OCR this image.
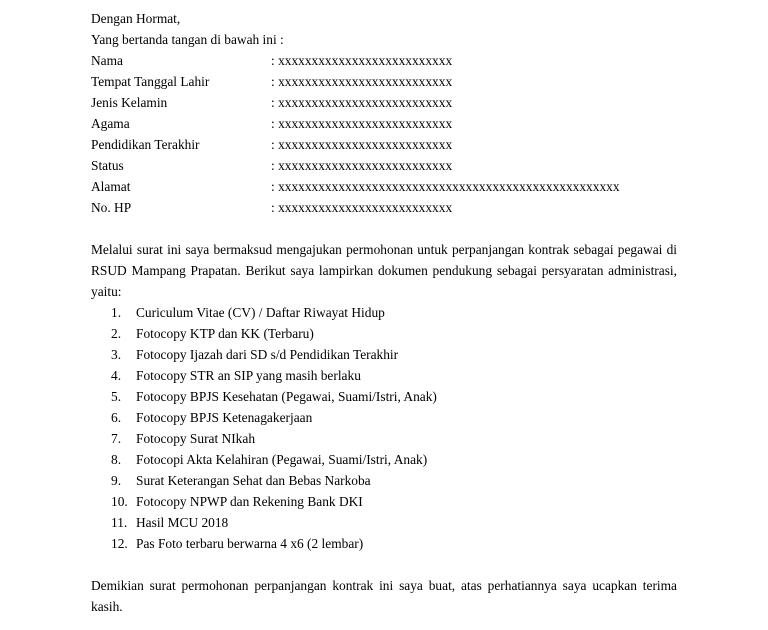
Dengan Hormat,
Yang bertanda tangan di bawah ini :
Nama	: xxxxxxxxxxxxxxxxxxxxxxxxxx
Tempat Tanggal Lahir	: xxxxxxxxxxxxxxxxxxxxxxxxxx
Jenis Kelamin	: xxxxxxxxxxxxxxxxxxxxxxxxxx
Agama	: xxxxxxxxxxxxxxxxxxxxxxxxxx
Pendidikan Terakhir	: xxxxxxxxxxxxxxxxxxxxxxxxxx
Status	: xxxxxxxxxxxxxxxxxxxxxxxxxx
Alamat	: xxxxxxxxxxxxxxxxxxxxxxxxxxxxxxxxxxxxxxxxxxxxxxxxxxx
No. HP	: xxxxxxxxxxxxxxxxxxxxxxxxxx
Melalui surat ini saya bermaksud mengajukan permohonan untuk perpanjangan kontrak sebagai pegawai di RSUD Mampang Prapatan. Berikut saya lampirkan dokumen pendukung sebagai persyaratan administrasi, yaitu:
1.	Curiculum Vitae (CV) / Daftar Riwayat Hidup
2.	Fotocopy KTP dan KK (Terbaru)
3.	Fotocopy Ijazah dari SD s/d Pendidikan Terakhir
4.	Fotocopy STR an SIP yang masih berlaku
5.	Fotocopy BPJS Kesehatan (Pegawai, Suami/Istri, Anak)
6.	Fotocopy BPJS Ketenagakerjaan
7.	Fotocopy Surat NIkah
8.	Fotocopi Akta Kelahiran (Pegawai, Suami/Istri, Anak)
9.	Surat Keterangan Sehat dan Bebas Narkoba
10. Fotocopy NPWP dan Rekening Bank DKI
11. Hasil MCU 2018
12. Pas Foto terbaru berwarna 4 x6 (2 lembar)
Demikian surat permohonan perpanjangan kontrak ini saya buat, atas perhatiannya saya ucapkan terima kasih.
